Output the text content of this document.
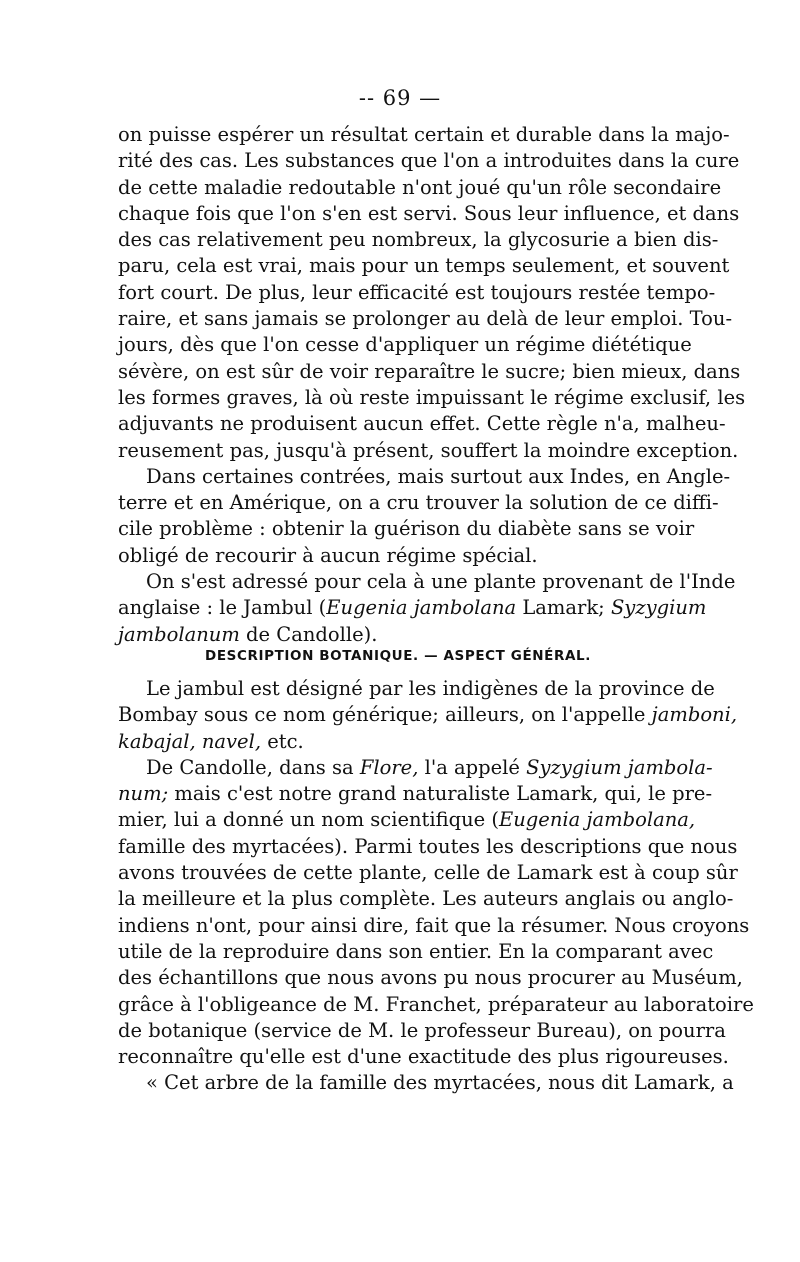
-- 69 —
on puisse espérer un résultat certain et durable dans la majo-
rité des cas. Les substances que l'on a introduites dans la cure
de cette maladie redoutable n'ont joué qu'un rôle secondaire
chaque fois que l'on s'en est servi. Sous leur influence, et dans
des cas relativement peu nombreux, la glycosurie a bien dis-
paru, cela est vrai, mais pour un temps seulement, et souvent
fort court. De plus, leur efficacité est toujours restée tempo-
raire, et sans jamais se prolonger au delà de leur emploi. Tou-
jours, dès que l'on cesse d'appliquer un régime diététique
sévère, on est sûr de voir reparaître le sucre; bien mieux, dans
les formes graves, là où reste impuissant le régime exclusif, les
adjuvants ne produisent aucun effet. Cette règle n'a, malheu-
reusement pas, jusqu'à présent, souffert la moindre exception.
Dans certaines contrées, mais surtout aux Indes, en Angle-
terre et en Amérique, on a cru trouver la solution de ce diffi-
cile problème : obtenir la guérison du diabète sans se voir
obligé de recourir à aucun régime spécial.
On s'est adressé pour cela à une plante provenant de l'Inde
anglaise : le Jambul (Eugenia jambolana Lamark; Syzygium
jambolanum de Candolle).
DESCRIPTION BOTANIQUE. — ASPECT GÉNÉRAL.
Le jambul est désigné par les indigènes de la province de
Bombay sous ce nom générique; ailleurs, on l'appelle jamboni,
kabajal, navel, etc.
De Candolle, dans sa Flore, l'a appelé Syzygium jambola-
num; mais c'est notre grand naturaliste Lamark, qui, le pre-
mier, lui a donné un nom scientifique (Eugenia jambolana,
famille des myrtacées). Parmi toutes les descriptions que nous
avons trouvées de cette plante, celle de Lamark est à coup sûr
la meilleure et la plus complète. Les auteurs anglais ou anglo-
indiens n'ont, pour ainsi dire, fait que la résumer. Nous croyons
utile de la reproduire dans son entier. En la comparant avec
des échantillons que nous avons pu nous procurer au Muséum,
grâce à l'obligeance de M. Franchet, préparateur au laboratoire
de botanique (service de M. le professeur Bureau), on pourra
reconnaître qu'elle est d'une exactitude des plus rigoureuses.
« Cet arbre de la famille des myrtacées, nous dit Lamark, a
